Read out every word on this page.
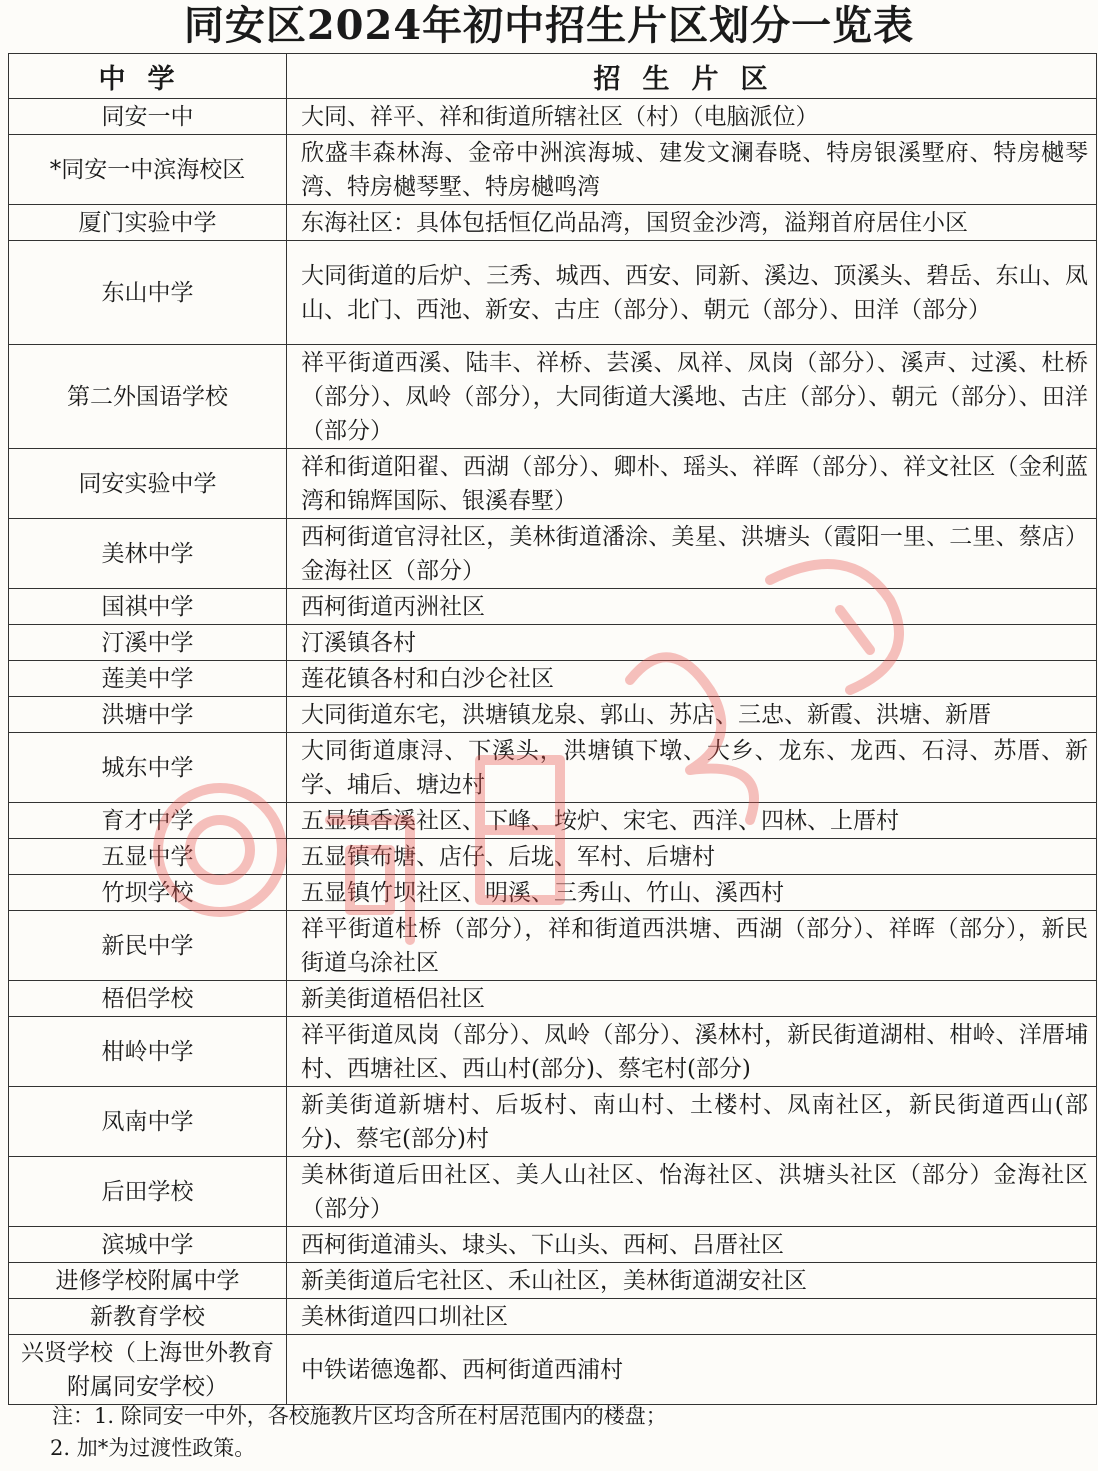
同安区2024年初中招生片区划分一览表
中学	招生片区
同安一中	大同、祥平、祥和街道所辖社区（村）（电脑派位）
*同安一中滨海校区	欣盛丰森林海、金帝中洲滨海城、建发文澜春晓、特房银溪墅府、特房樾琴湾、特房樾琴墅、特房樾鸣湾
厦门实验中学	东海社区：具体包括恒亿尚品湾，国贸金沙湾，溢翔首府居住小区
东山中学	大同街道的后炉、三秀、城西、西安、同新、溪边、顶溪头、碧岳、东山、凤山、北门、西池、新安、古庄（部分）、朝元（部分）、田洋（部分）
第二外国语学校	祥平街道西溪、陆丰、祥桥、芸溪、凤祥、凤岗（部分）、溪声、过溪、杜桥（部分）、凤岭（部分），大同街道大溪地、古庄（部分）、朝元（部分）、田洋（部分）
同安实验中学	祥和街道阳翟、西湖（部分）、卿朴、瑶头、祥晖（部分）、祥文社区（金利蓝湾和锦辉国际、银溪春墅）
美林中学	西柯街道官浔社区，美林街道潘涂、美星、洪塘头（霞阳一里、二里、蔡店）金海社区（部分）
国祺中学	西柯街道丙洲社区
汀溪中学	汀溪镇各村
莲美中学	莲花镇各村和白沙仑社区
洪塘中学	大同街道东宅，洪塘镇龙泉、郭山、苏店、三忠、新霞、洪塘、新厝
城东中学	大同街道康浔、下溪头，洪塘镇下墩、大乡、龙东、龙西、石浔、苏厝、新学、埔后、塘边村
育才中学	五显镇香溪社区、下峰、垵炉、宋宅、西洋、四林、上厝村
五显中学	五显镇布塘、店仔、后垅、军村、后塘村
竹坝学校	五显镇竹坝社区、明溪、三秀山、竹山、溪西村
新民中学	祥平街道杜桥（部分），祥和街道西洪塘、西湖（部分）、祥晖（部分），新民街道乌涂社区
梧侣学校	新美街道梧侣社区
柑岭中学	祥平街道凤岗（部分）、凤岭（部分）、溪林村，新民街道湖柑、柑岭、洋厝埔村、西塘社区、西山村(部分)、蔡宅村(部分)
凤南中学	新美街道新塘村、后坂村、南山村、土楼村、凤南社区，新民街道西山(部分)、蔡宅(部分)村
后田学校	美林街道后田社区、美人山社区、怡海社区、洪塘头社区（部分）金海社区（部分）
滨城中学	西柯街道浦头、埭头、下山头、西柯、吕厝社区
进修学校附属中学	新美街道后宅社区、禾山社区，美林街道湖安社区
新教育学校	美林街道四口圳社区
兴贤学校（上海世外教育附属同安学校）	中铁诺德逸都、西柯街道西浦村
注：1. 除同安一中外，各校施教片区均含所在村居范围内的楼盘；
2. 加*为过渡性政策。
